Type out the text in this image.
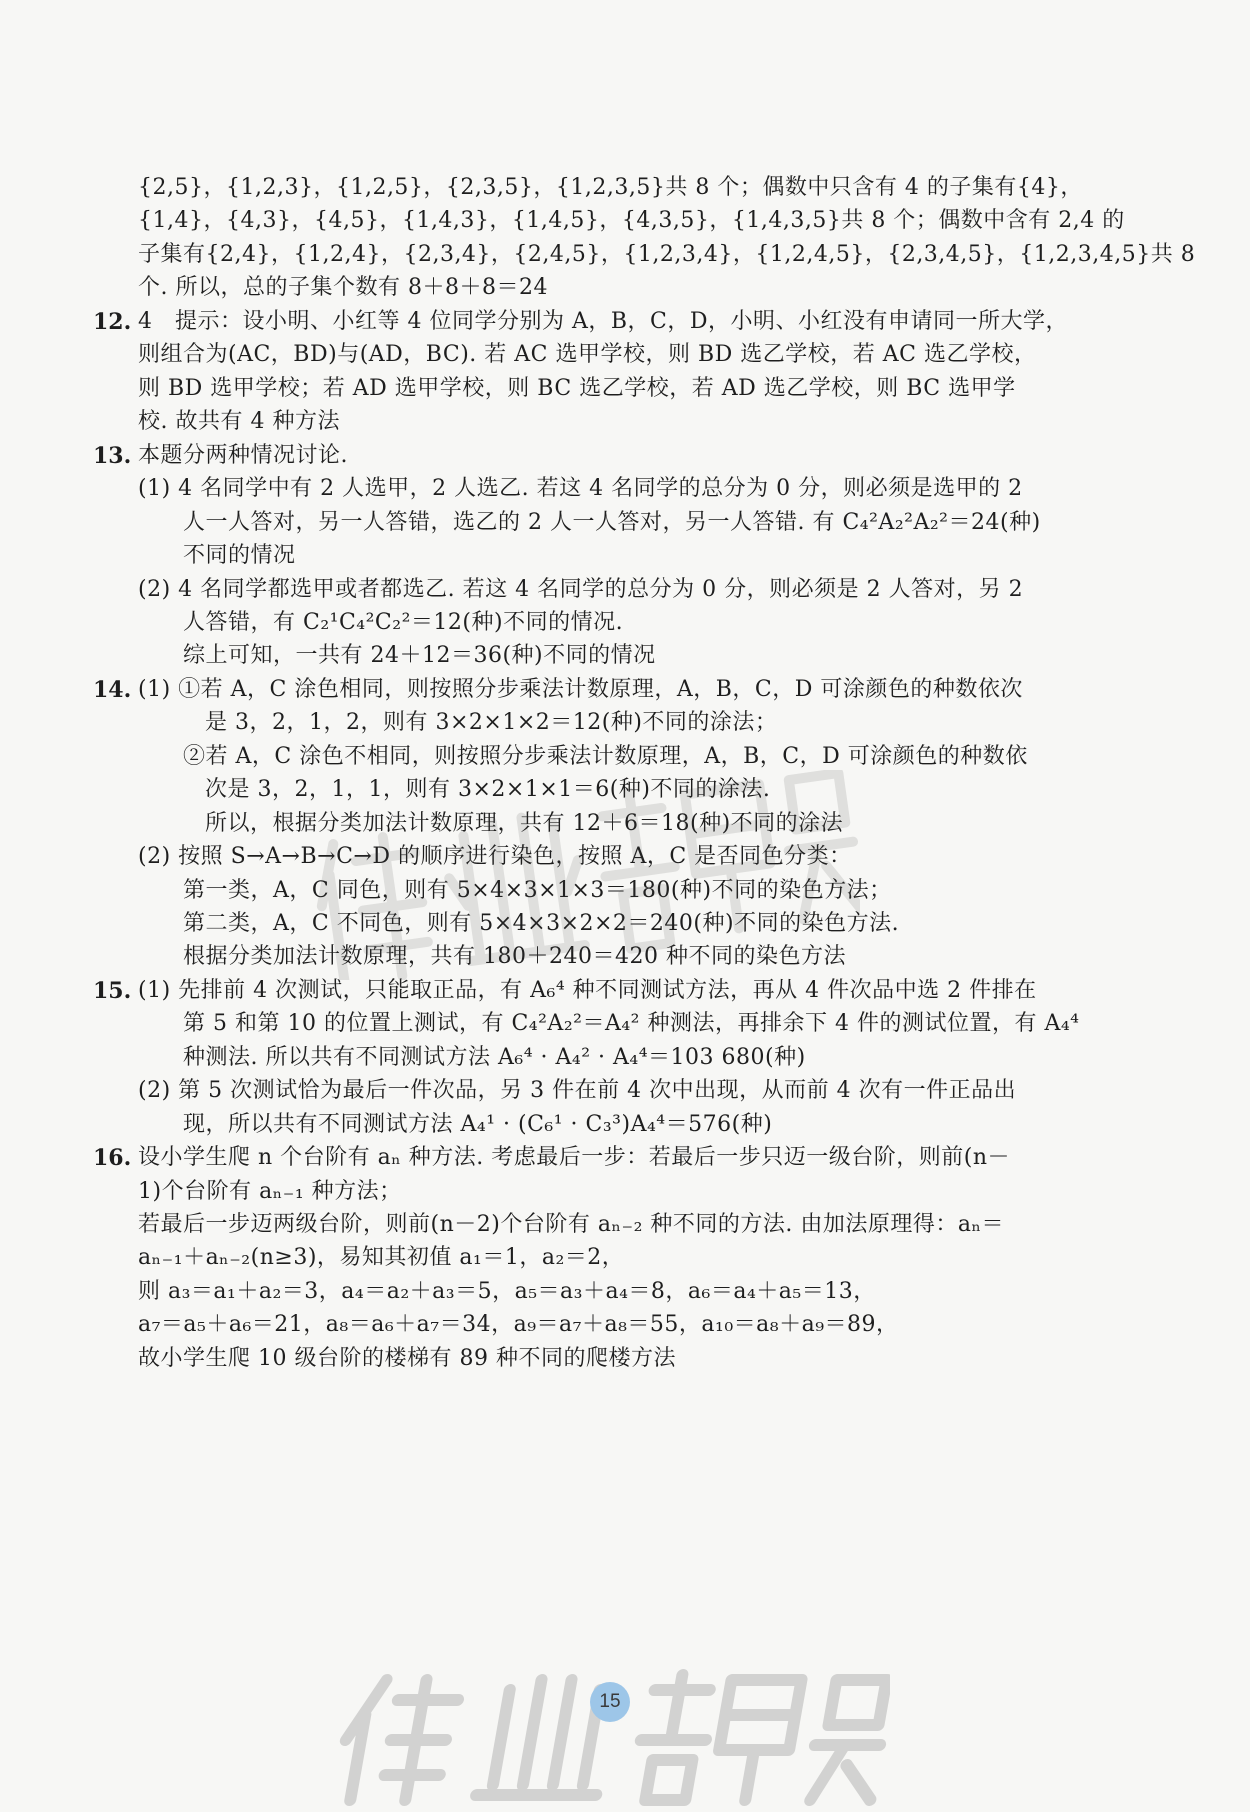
{2,5}，{1,2,3}，{1,2,5}，{2,3,5}，{1,2,3,5}共 8 个；偶数中只含有 4 的子集有{4}，
{1,4}，{4,3}，{4,5}，{1,4,3}，{1,4,5}，{4,3,5}，{1,4,3,5}共 8 个；偶数中含有 2,4 的
子集有{2,4}，{1,2,4}，{2,3,4}，{2,4,5}，{1,2,3,4}，{1,2,4,5}，{2,3,4,5}，{1,2,3,4,5}共 8
个. 所以，总的子集个数有 8＋8＋8＝24
12. 4　提示：设小明、小红等 4 位同学分别为 A，B，C，D，小明、小红没有申请同一所大学，
则组合为(AC，BD)与(AD，BC). 若 AC 选甲学校，则 BD 选乙学校，若 AC 选乙学校，
则 BD 选甲学校；若 AD 选甲学校，则 BC 选乙学校，若 AD 选乙学校，则 BC 选甲学
校. 故共有 4 种方法
13. 本题分两种情况讨论.
(1) 4 名同学中有 2 人选甲，2 人选乙. 若这 4 名同学的总分为 0 分，则必须是选甲的 2
人一人答对，另一人答错，选乙的 2 人一人答对，另一人答错. 有 C₄²A₂²A₂²＝24(种)
不同的情况
(2) 4 名同学都选甲或者都选乙. 若这 4 名同学的总分为 0 分，则必须是 2 人答对，另 2
人答错，有 C₂¹C₄²C₂²＝12(种)不同的情况.
综上可知，一共有 24＋12＝36(种)不同的情况
14. (1) ①若 A，C 涂色相同，则按照分步乘法计数原理，A，B，C，D 可涂颜色的种数依次
是 3，2，1，2，则有 3×2×1×2＝12(种)不同的涂法；
②若 A，C 涂色不相同，则按照分步乘法计数原理，A，B，C，D 可涂颜色的种数依
次是 3，2，1，1，则有 3×2×1×1＝6(种)不同的涂法.
所以，根据分类加法计数原理，共有 12＋6＝18(种)不同的涂法
(2) 按照 S→A→B→C→D 的顺序进行染色，按照 A，C 是否同色分类：
第一类，A，C 同色，则有 5×4×3×1×3＝180(种)不同的染色方法；
第二类，A，C 不同色，则有 5×4×3×2×2＝240(种)不同的染色方法.
根据分类加法计数原理，共有 180＋240＝420 种不同的染色方法
15. (1) 先排前 4 次测试，只能取正品，有 A₆⁴ 种不同测试方法，再从 4 件次品中选 2 件排在
第 5 和第 10 的位置上测试，有 C₄²A₂²＝A₄² 种测法，再排余下 4 件的测试位置，有 A₄⁴
种测法. 所以共有不同测试方法 A₆⁴ · A₄² · A₄⁴＝103 680(种)
(2) 第 5 次测试恰为最后一件次品，另 3 件在前 4 次中出现，从而前 4 次有一件正品出
现，所以共有不同测试方法 A₄¹ · (C₆¹ · C₃³)A₄⁴＝576(种)
16. 设小学生爬 n 个台阶有 aₙ 种方法. 考虑最后一步：若最后一步只迈一级台阶，则前(n－
1)个台阶有 aₙ₋₁ 种方法；
若最后一步迈两级台阶，则前(n－2)个台阶有 aₙ₋₂ 种不同的方法. 由加法原理得：aₙ＝
aₙ₋₁＋aₙ₋₂(n≥3)，易知其初值 a₁＝1，a₂＝2，
则 a₃＝a₁＋a₂＝3，a₄＝a₂＋a₃＝5，a₅＝a₃＋a₄＝8，a₆＝a₄＋a₅＝13，
a₇＝a₅＋a₆＝21，a₈＝a₆＋a₇＝34，a₉＝a₇＋a₈＝55，a₁₀＝a₈＋a₉＝89，
故小学生爬 10 级台阶的楼梯有 89 种不同的爬楼方法
15
